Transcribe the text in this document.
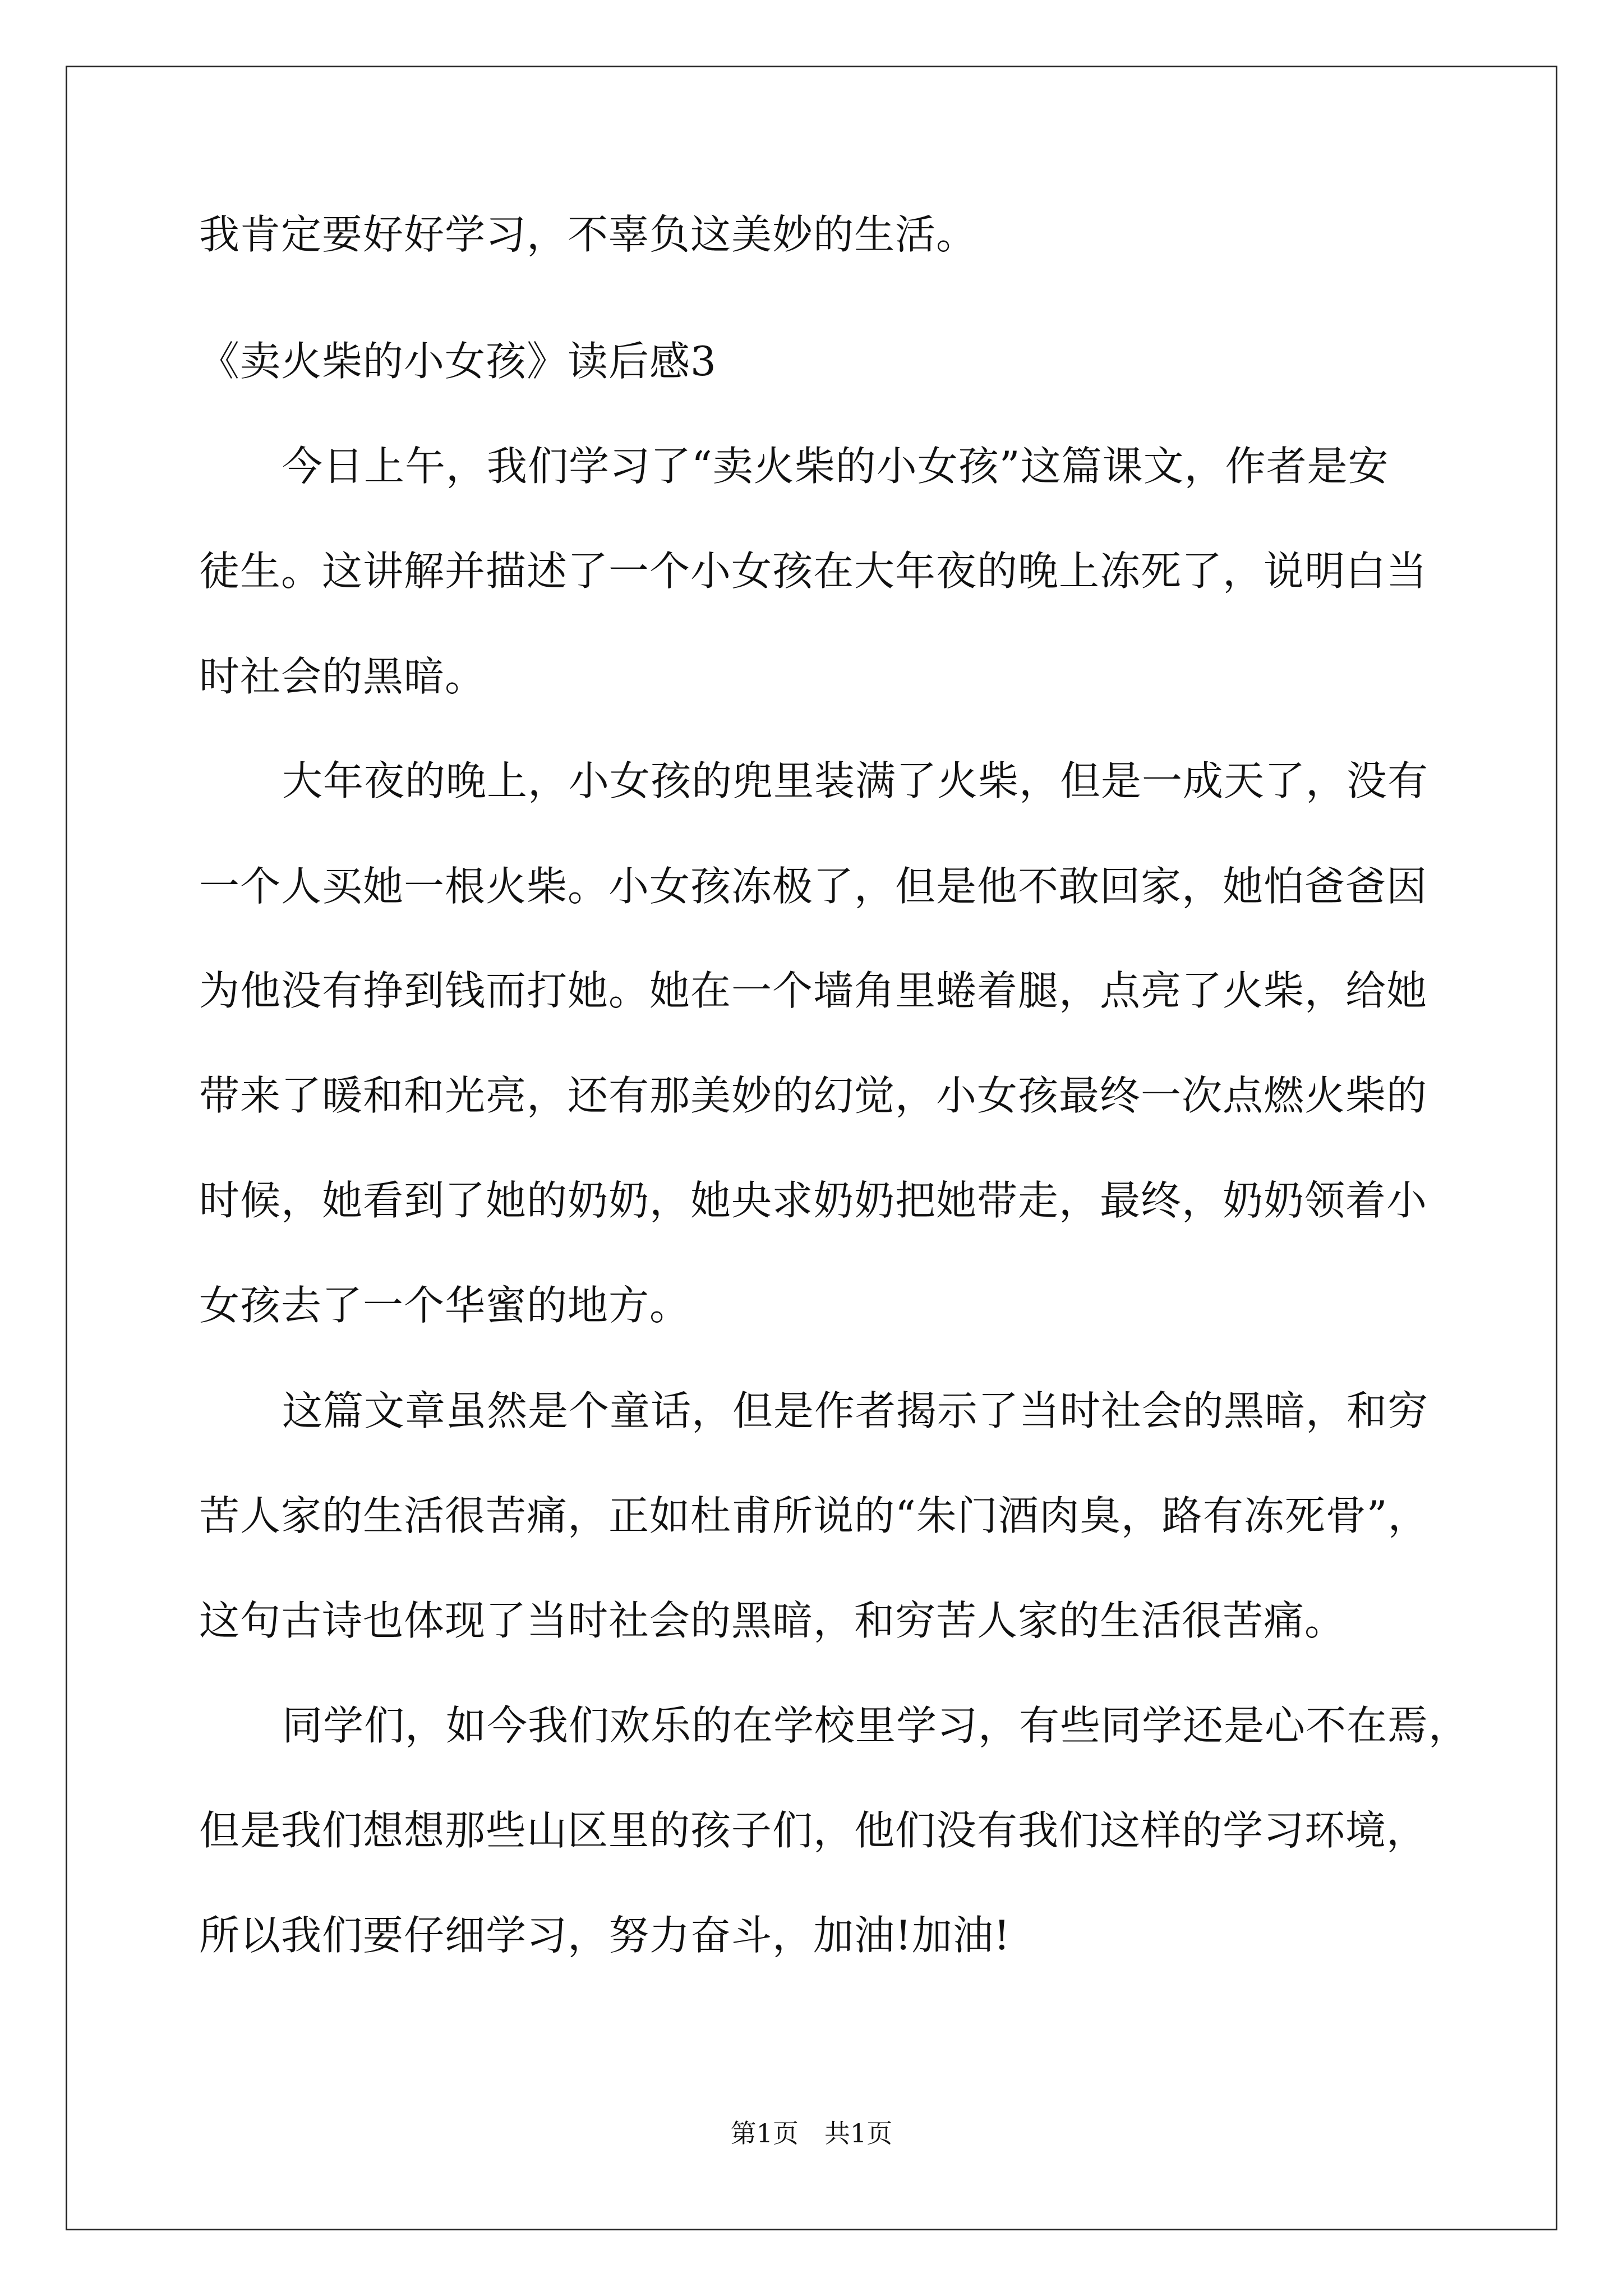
我肯定要好好学习，不辜负这美妙的生活。
《卖火柴的小女孩》读后感3
今日上午，我们学习了“卖火柴的小女孩”这篇课文，作者是安
徒生。这讲解并描述了一个小女孩在大年夜的晚上冻死了，说明白当
时社会的黑暗。
大年夜的晚上，小女孩的兜里装满了火柴，但是一成天了，没有
一个人买她一根火柴。小女孩冻极了，但是他不敢回家，她怕爸爸因
为他没有挣到钱而打她。她在一个墙角里蜷着腿，点亮了火柴，给她
带来了暖和和光亮，还有那美妙的幻觉，小女孩最终一次点燃火柴的
时候，她看到了她的奶奶，她央求奶奶把她带走，最终，奶奶领着小
女孩去了一个华蜜的地方。
这篇文章虽然是个童话，但是作者揭示了当时社会的黑暗，和穷
苦人家的生活很苦痛，正如杜甫所说的“朱门酒肉臭，路有冻死骨”，
这句古诗也体现了当时社会的黑暗，和穷苦人家的生活很苦痛。
同学们，如今我们欢乐的在学校里学习，有些同学还是心不在焉，
但是我们想想那些山区里的孩子们，他们没有我们这样的学习环境，
所以我们要仔细学习，努力奋斗，加油!加油!
第1页　共1页
